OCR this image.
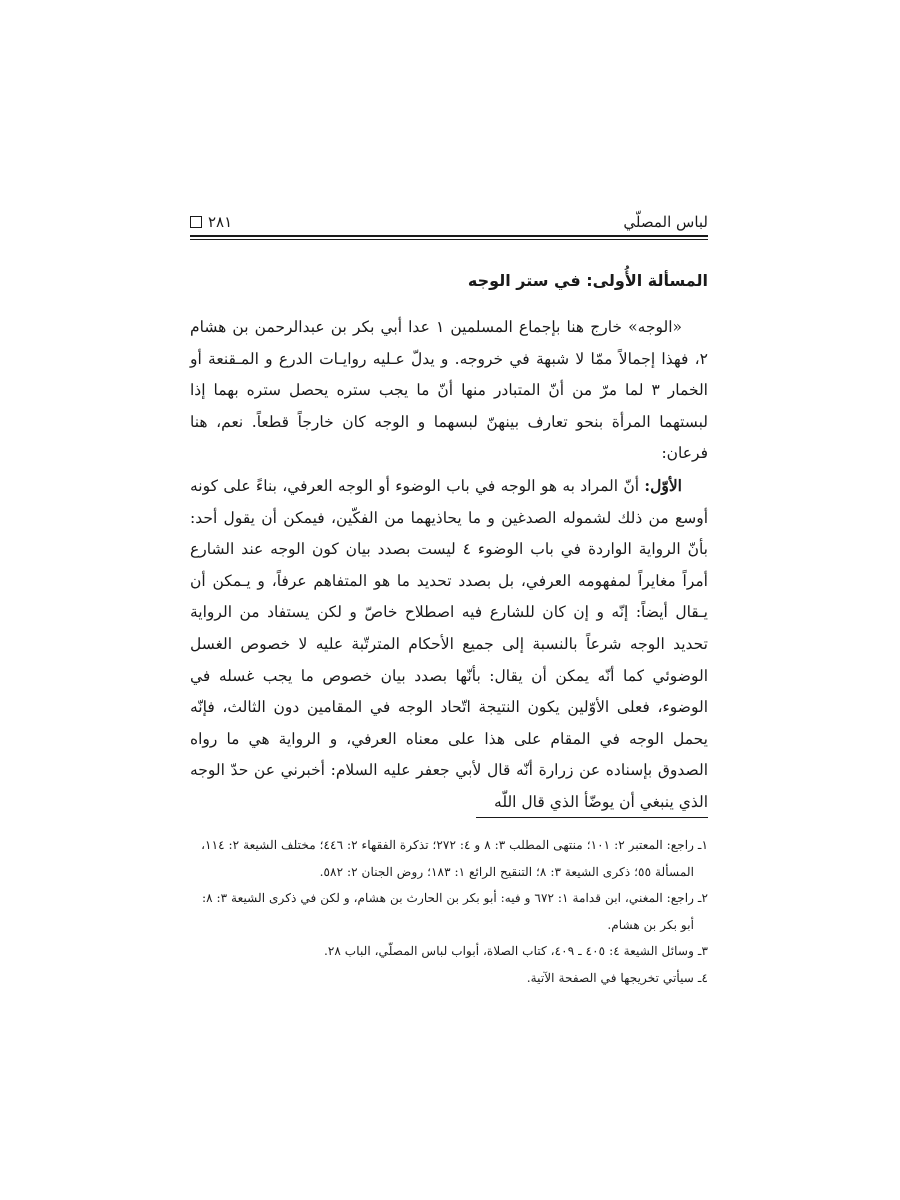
لباس المصلّي
٢٨١
المسألة الأُولى: في ستر الوجه

«الوجه» خارج هنا بإجماع المسلمين ١ عدا أبي بكر بن عبدالرحمن بن هشام ٢، فهذا إجمالاً ممّا لا شبهة في خروجه. و يدلّ عـليه روايـات الدرع و المـقنعة أو الخمار ٣ لما مرّ من أنّ المتبادر منها أنّ ما يجب ستره يحصل ستره بهما إذا لبستهما المرأة بنحو تعارف بينهنّ لبسهما و الوجه كان خارجاً قطعاً. نعم، هنا فرعان:

الأوّل: أنّ المراد به هو الوجه في باب الوضوء أو الوجه العرفي، بناءً على كونه أوسع من ذلك لشموله الصدغين و ما يحاذيهما من الفكّين، فيمكن أن يقول أحد: بأنّ الرواية الواردة في باب الوضوء ٤ ليست بصدد بيان كون الوجه عند الشارع أمراً مغايراً لمفهومه العرفي، بل بصدد تحديد ما هو المتفاهم عرفاً، و يـمكن أن يـقال أيضاً: إنّه و إن كان للشارع فيه اصطلاح خاصّ و لكن يستفاد من الرواية تحديد الوجه شرعاً بالنسبة إلى جميع الأحكام المترتّبة عليه لا خصوص الغسل الوضوئي كما أنّه يمكن أن يقال: بأنّها بصدد بيان خصوص ما يجب غسله في الوضوء، فعلى الأوّلين يكون النتيجة اتّحاد الوجه في المقامين دون الثالث، فإنّه يحمل الوجه في المقام على هذا على معناه العرفي، و الرواية هي ما رواه الصدوق بإسناده عن زرارة أنّه قال لأبي جعفر عليه السلام: أخبرني عن حدّ الوجه الذي ينبغي أن يوضّأ الذي قال اللّه

١ـ راجع: المعتبر ٢: ١٠١؛ منتهى المطلب ٣: ٨ و ٤: ٢٧٢؛ تذكرة الفقهاء ٢: ٤٤٦؛ مختلف الشيعة ٢: ١١٤،
المسألة ٥٥؛ ذكرى الشيعة ٣: ٨؛ التنقيح الرائع ١: ١٨٣؛ روض الجنان ٢: ٥٨٢.
٢ـ راجع: المغني، ابن قدامة ١: ٦٧٢ و فيه: أبو بكر بن الحارث بن هشام، و لكن في ذكرى الشيعة ٣: ٨:
أبو بكر بن هشام.
٣ـ وسائل الشيعة ٤: ٤٠٥ ـ ٤٠٩، كتاب الصلاة، أبواب لباس المصلّي، الباب ٢٨.
٤ـ سيأتي تخريجها في الصفحة الآتية.
